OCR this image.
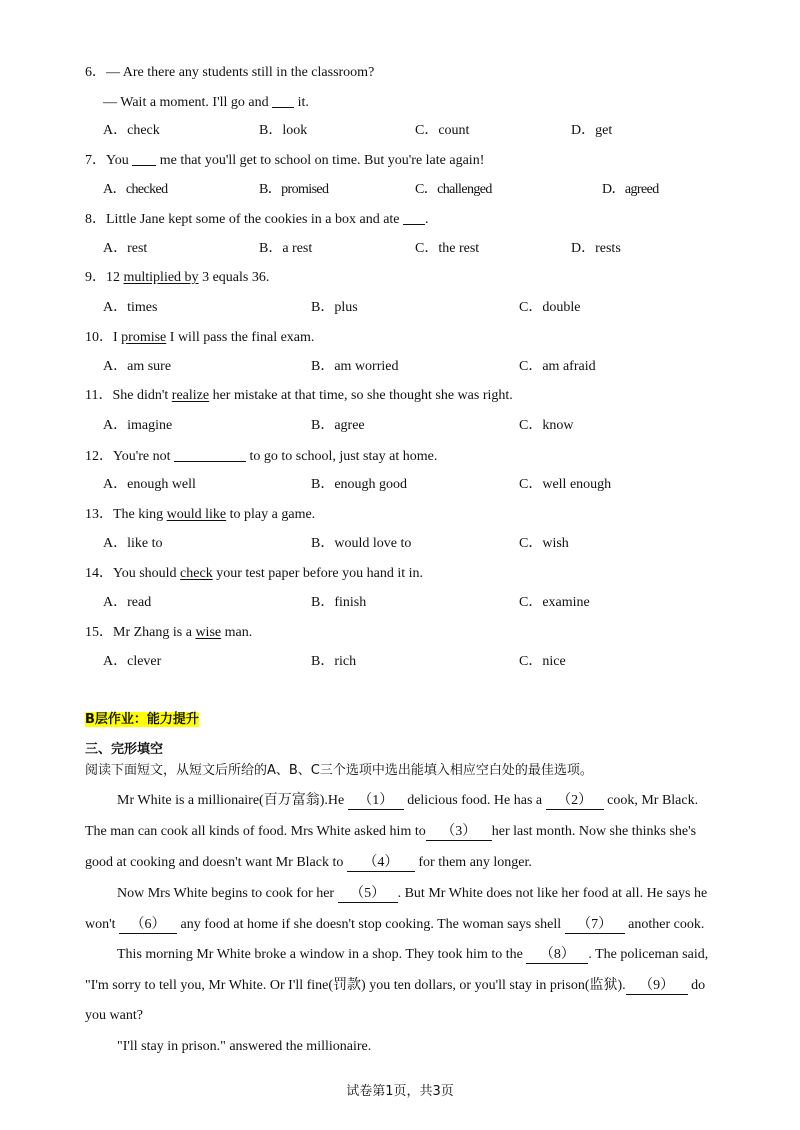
6．— Are there any students still in the classroom?
— Wait a moment. I'll go and  it.
A．check	B．look	C．count	D．get
7．You  me that you'll get to school on time. But you're late again!
A．checked	B．promised	C．challenged	D．agreed
8．Little Jane kept some of the cookies in a box and ate .
A．rest	B．a rest	C．the rest	D．rests
9．12 multiplied by 3 equals 36.
A．times	B．plus	C．double
10．I promise I will pass the final exam.
A．am sure	B．am worried	C．am afraid
11．She didn't realize her mistake at that time, so she thought she was right.
A．imagine	B．agree	C．know
12．You're not	to go to school, just stay at home.
A．enough well	B．enough good	C．well enough
13．The king would like to play a game.
A．like to	B．would love to	C．wish
14．You should check your test paper before you hand it in.
A．read	B．finish	C．examine
15．Mr Zhang is a wise man.
A．clever	B．rich	C．nice
B层作业：能力提升
三、完形填空
阅读下面短文，从短文后所给的A、B、C三个选项中选出能填入相应空白处的最佳选项。
Mr White is a millionaire(百万富翁).He （1） delicious food. He has a （2） cook, Mr Black.
The man can cook all kinds of food. Mrs White asked him to （3） her last month. Now she thinks she's
good at cooking and doesn't want Mr Black to （4） for them any longer.
Now Mrs White begins to cook for her （5） . But Mr White does not like her food at all. He says he
won't （6） any food at home if she doesn't stop cooking. The woman says shell （7） another cook.
This morning Mr White broke a window in a shop. They took him to the （8） . The policeman said,
"I'm sorry to tell you, Mr White. Or I'll fine(罚款) you ten dollars, or you'll stay in prison(监狱). （9） do
you want?
"I'll stay in prison." answered the millionaire.
试卷第1页，共3页
